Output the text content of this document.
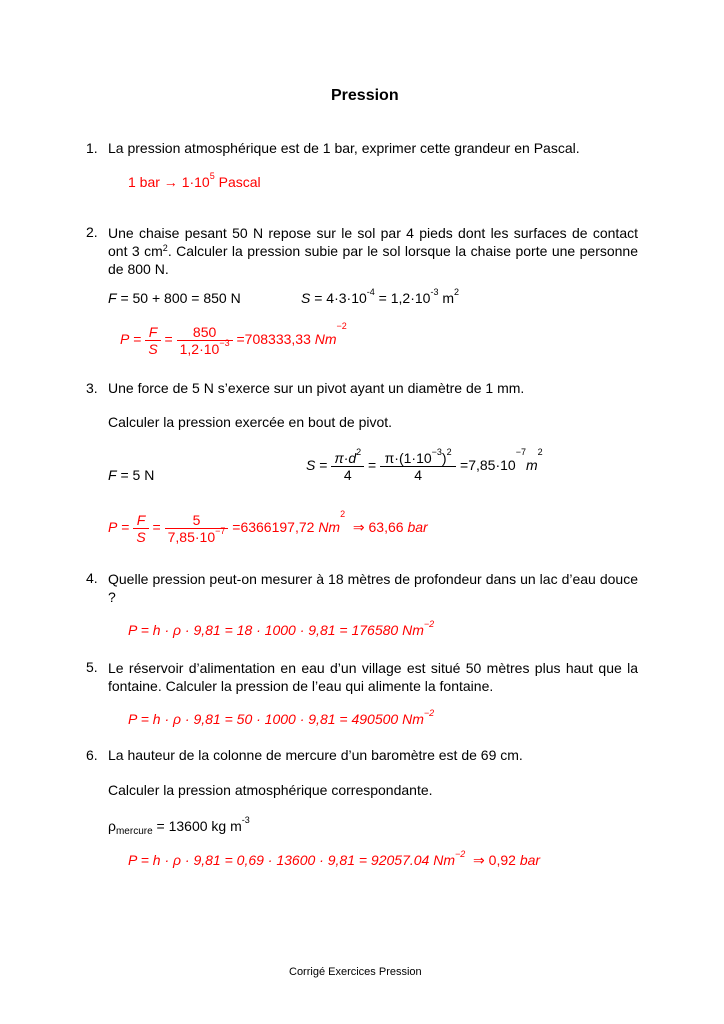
Pression
1. La pression atmosphérique est de 1 bar, exprimer cette grandeur en Pascal.
1 bar → $1\cdot 10^5$ Pascal
2. Une chaise pesant 50 N repose sur le sol par 4 pieds dont les surfaces de contact ont 3 $cm^2$. Calculer la pression subie par le sol lorsque la chaise porte une personne de 800 N.
F = 50 + 800 = 850 N	$S = 4\cdot 3\cdot 10^{-4} = 1,2\cdot 10^{-3}$ $m^2$
$P = \frac{F}{S} = \frac{850}{1,2\cdot 10^{-3}} =708333,33$ $Nm^{-2}$
3. Une force de 5 N s’exerce sur un pivot ayant un diamètre de 1 mm.
Calculer la pression exercée en bout de pivot.
F = 5 N
$S = \frac{\pi\cdot d^2}{4} = \frac{\pi\cdot(1\cdot 10^{-3})^2}{4} =7,85\cdot 10^{-7}m^2$
$P = \frac{F}{S} = \frac{5}{7,85\cdot 10^{-7}} =6366197,72$ Nm$^2$  ⇒ 63,66 bar
4. Quelle pression peut-on mesurer à 18 mètres de profondeur dans un lac d’eau douce ?
P = h · ρ · 9,81 = 18 · 1000 · 9,81 = 176580 $Nm^{-2}$
5. Le réservoir d’alimentation en eau d’un village est situé 50 mètres plus haut que la fontaine. Calculer la pression de l’eau qui alimente la fontaine.
P = h · ρ · 9,81 = 50 · 1000 · 9,81 = 490500 $Nm^{-2}$
6. La hauteur de la colonne de mercure d’un baromètre est de 69 cm.
Calculer la pression atmosphérique correspondante.
$\rho_{mercure} = 13600$ kg $m^{-3}$
P = h · ρ · 9,81 = 0,69 · 13600 · 9,81 = 92057.04 $Nm^{-2}$ ⇒ 0,92 bar
Corrigé Exercices Pression
